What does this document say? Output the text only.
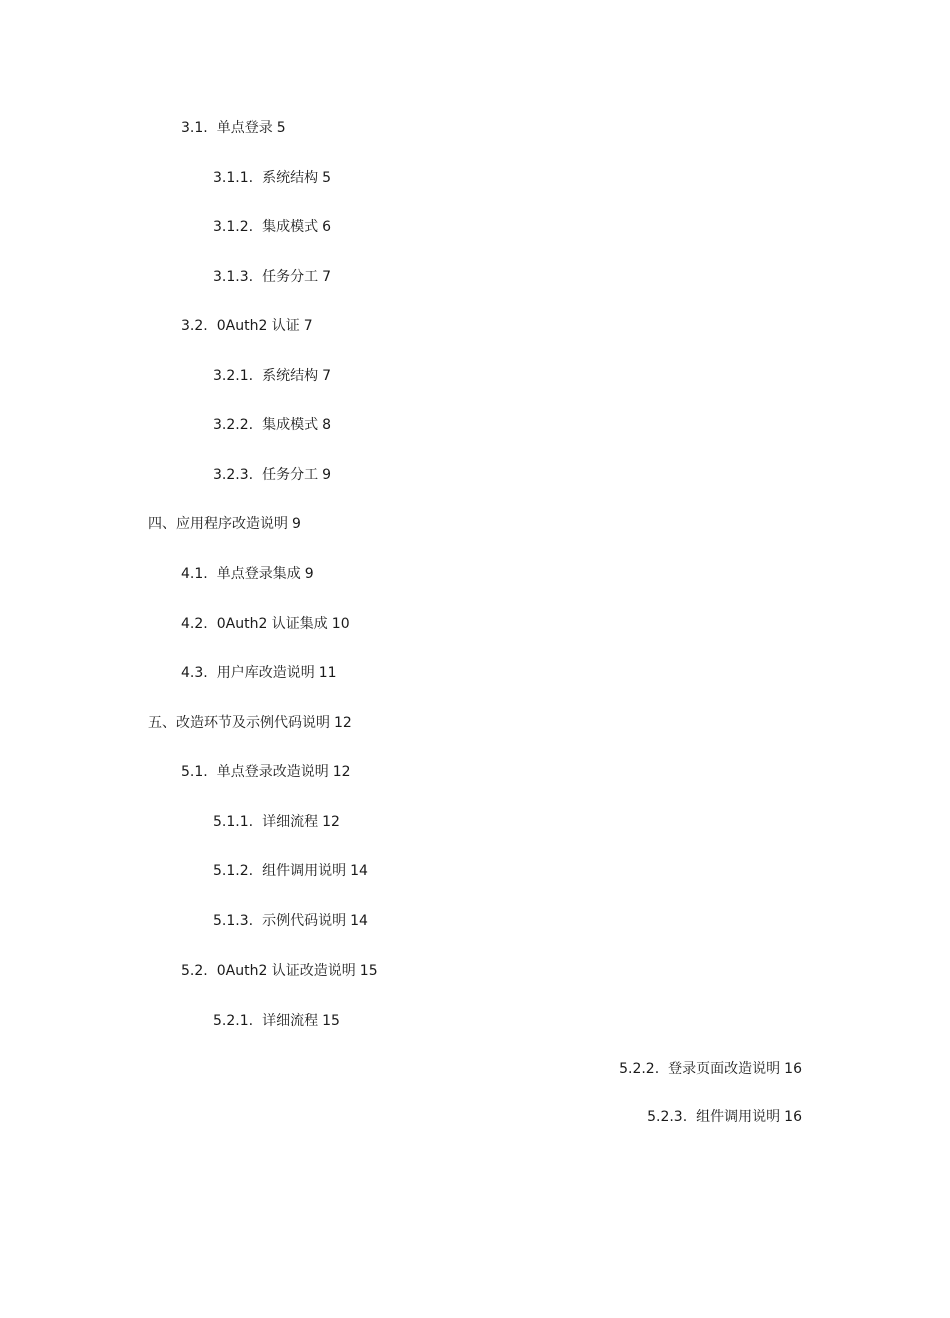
3.1. 单点登录 5
3.1.1. 系统结构 5
3.1.2. 集成模式 6
3.1.3. 任务分工 7
3.2. 0Auth2 认证 7
3.2.1. 系统结构 7
3.2.2. 集成模式 8
3.2.3. 任务分工 9
四、应用程序改造说明 9
4.1. 单点登录集成 9
4.2. 0Auth2 认证集成 10
4.3. 用户库改造说明 11
五、改造环节及示例代码说明 12
5.1. 单点登录改造说明 12
5.1.1. 详细流程 12
5.1.2. 组件调用说明 14
5.1.3. 示例代码说明 14
5.2. 0Auth2 认证改造说明 15
5.2.1. 详细流程 15
5.2.2. 登录页面改造说明 16
5.2.3. 组件调用说明 16
